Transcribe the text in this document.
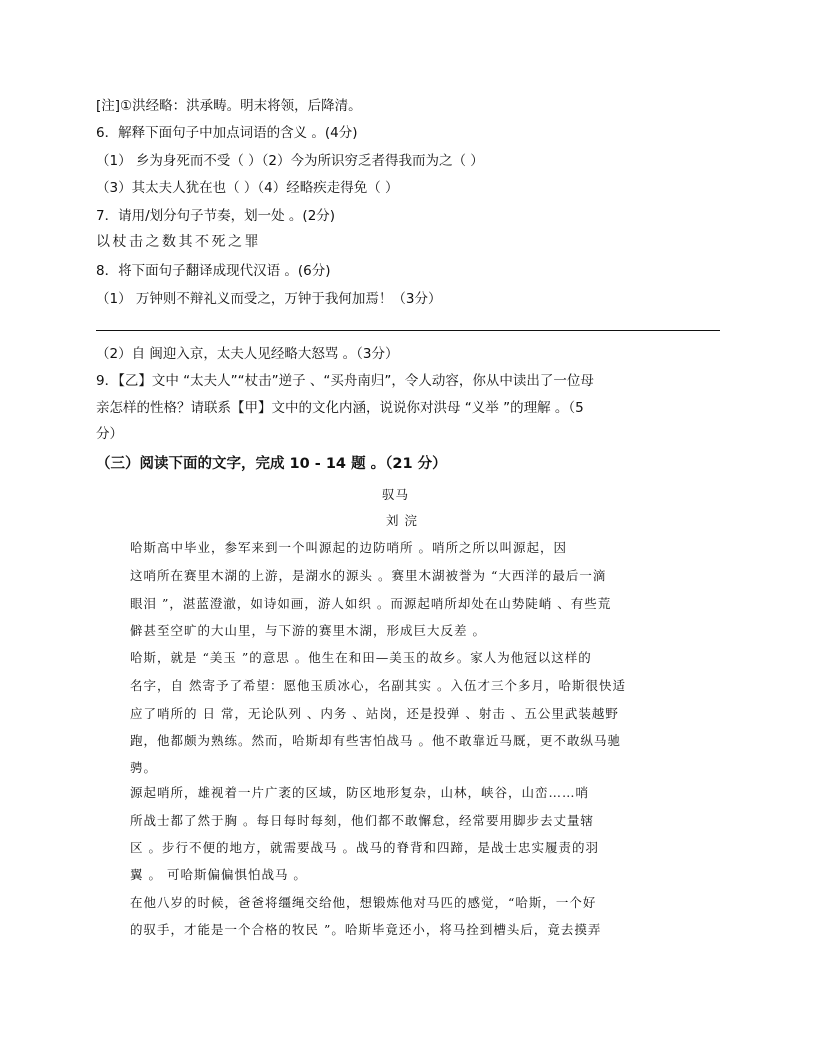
[注]①洪经略：洪承畴。明末将领，后降清。
6．解释下面句子中加点词语的含义 。(4分)
（1） 乡为身死而不受（ ）（2）今为所识穷乏者得我而为之（ ）
（3）其太夫人犹在也（ ）（4）经略疾走得免（ ）
7．请用/划分句子节奏，划一处 。(2分)
以杖击之数其不死之罪
8．将下面句子翻译成现代汉语 。(6分)
（1） 万钟则不辩礼义而受之，万钟于我何加焉！（3分）
（2）自 闽迎入京，太夫人见经略大怒骂 。（3分）
9．【乙】文中 “太夫人”“杖击”逆子 、“买舟南归”，令人动容，你从中读出了一位母
亲怎样的性格？请联系【甲】文中的文化内涵，说说你对洪母 “义举 ”的理解 。（5
分）
（三）阅读下面的文字，完成 10 - 14 题 。（21 分）
驭马
刘 浣
哈斯高中毕业，参军来到一个叫源起的边防哨所 。哨所之所以叫源起，因
这哨所在赛里木湖的上游，是湖水的源头 。赛里木湖被誉为 “大西洋的最后一滴
眼泪 ”，湛蓝澄澈，如诗如画，游人如织 。而源起哨所却处在山势陡峭 、有些荒
僻甚至空旷的大山里，与下游的赛里木湖，形成巨大反差 。
哈斯，就是 “美玉 ”的意思 。他生在和田—美玉的故乡。家人为他冠以这样的
名字，自 然寄予了希望：愿他玉质冰心，名副其实 。入伍才三个多月，哈斯很快适
应了哨所的 日 常，无论队列 、内务 、站岗，还是投弹 、射击 、五公里武装越野
跑，他都颇为熟练。然而，哈斯却有些害怕战马 。他不敢靠近马厩，更不敢纵马驰
骋。
源起哨所，雄视着一片广袤的区域，防区地形复杂，山林，峡谷，山峦……哨
所战士都了然于胸 。每日每时每刻，他们都不敢懈怠，经常要用脚步去丈量辖
区 。步行不便的地方，就需要战马 。战马的脊背和四蹄，是战士忠实履责的羽
翼 。 可哈斯偏偏惧怕战马 。
在他八岁的时候，爸爸将缰绳交给他，想锻炼他对马匹的感觉，“哈斯，一个好
的驭手，才能是一个合格的牧民 ”。哈斯毕竟还小，将马拴到槽头后，竟去摸弄
